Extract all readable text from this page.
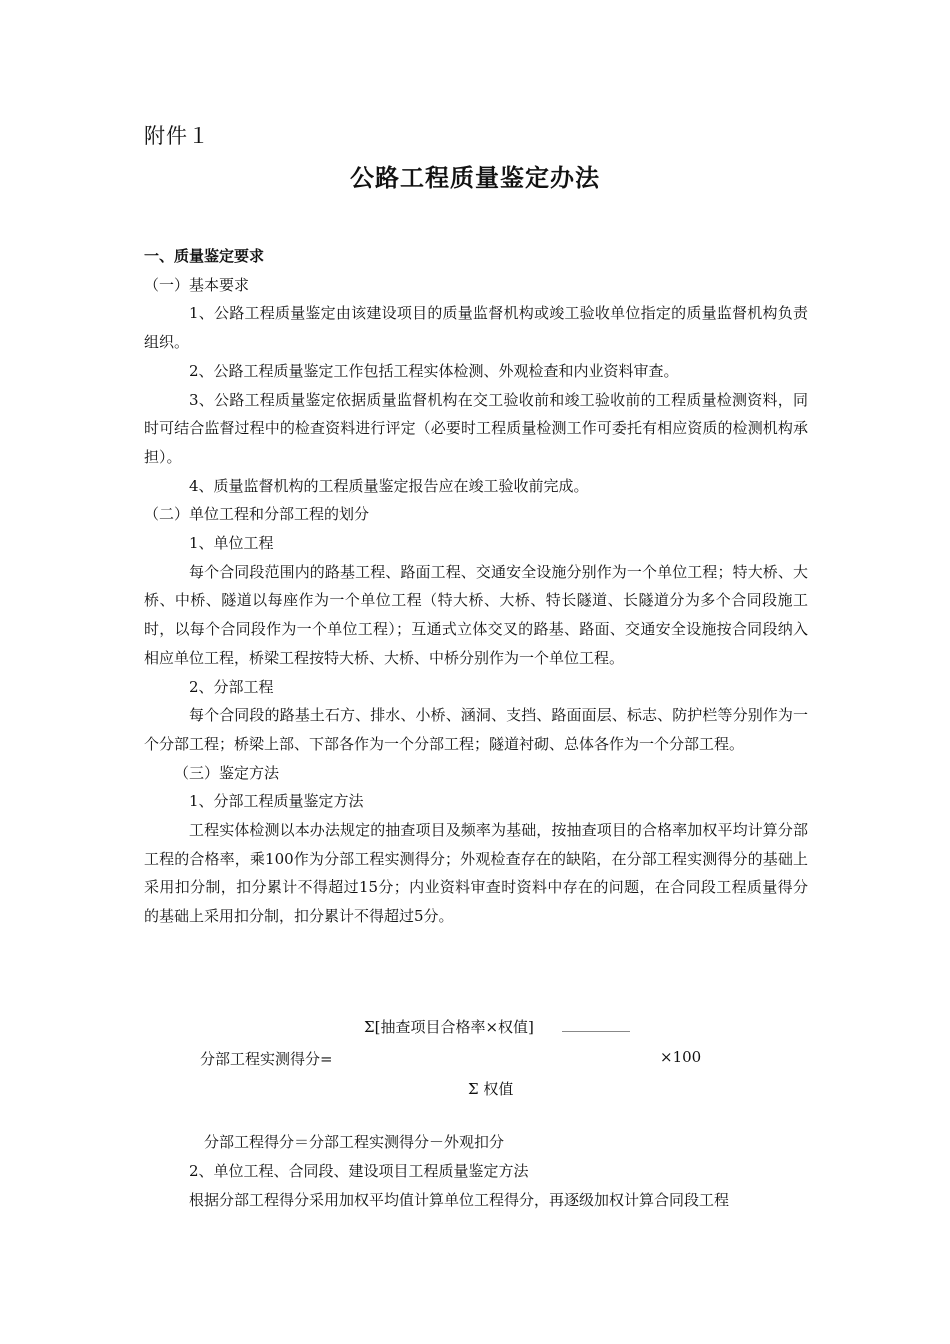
附件１
公路工程质量鉴定办法

一、质量鉴定要求

（一）基本要求

1、公路工程质量鉴定由该建设项目的质量监督机构或竣工验收单位指定的质量监督机构负责组织。

2、公路工程质量鉴定工作包括工程实体检测、外观检查和内业资料审查。

3、公路工程质量鉴定依据质量监督机构在交工验收前和竣工验收前的工程质量检测资料，同时可结合监督过程中的检查资料进行评定（必要时工程质量检测工作可委托有相应资质的检测机构承担）。

4、质量监督机构的工程质量鉴定报告应在竣工验收前完成。

（二）单位工程和分部工程的划分

1、单位工程

每个合同段范围内的路基工程、路面工程、交通安全设施分别作为一个单位工程；特大桥、大桥、中桥、隧道以每座作为一个单位工程（特大桥、大桥、特长隧道、长隧道分为多个合同段施工时，以每个合同段作为一个单位工程）；互通式立体交叉的路基、路面、交通安全设施按合同段纳入相应单位工程，桥梁工程按特大桥、大桥、中桥分别作为一个单位工程。

2、分部工程

每个合同段的路基土石方、排水、小桥、涵洞、支挡、路面面层、标志、防护栏等分别作为一个分部工程；桥梁上部、下部各作为一个分部工程；隧道衬砌、总体各作为一个分部工程。

（三）鉴定方法

1、分部工程质量鉴定方法

工程实体检测以本办法规定的抽查项目及频率为基础，按抽查项目的合格率加权平均计算分部工程的合格率，乘100作为分部工程实测得分；外观检查存在的缺陷，在分部工程实测得分的基础上采用扣分制，扣分累计不得超过15分；内业资料审查时资料中存在的问题，在合同段工程质量得分的基础上采用扣分制，扣分累计不得超过5分。

Σ[抽查项目合格率×权值]
分部工程实测得分=	×100
Σ 权值

分部工程得分＝分部工程实测得分－外观扣分

2、单位工程、合同段、建设项目工程质量鉴定方法

根据分部工程得分采用加权平均值计算单位工程得分，再逐级加权计算合同段工程
